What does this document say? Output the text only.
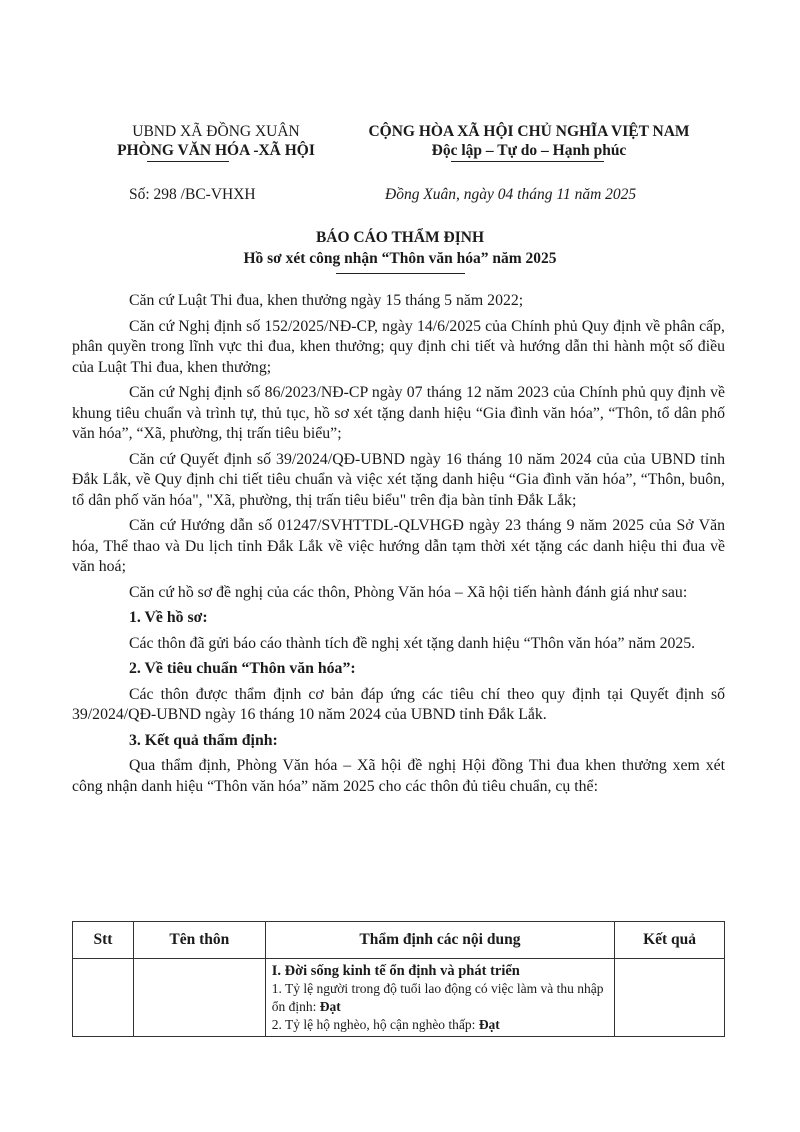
UBND XÃ ĐỒNG XUÂN
PHÒNG VĂN HÓA -XÃ HỘI
CỘNG HÒA XÃ HỘI CHỦ NGHĨA VIỆT NAM
Độc lập – Tự do – Hạnh phúc
Số: 298 /BC-VHXH	Đồng Xuân, ngày 04 tháng 11 năm 2025
BÁO CÁO THẨM ĐỊNH
Hồ sơ xét công nhận “Thôn văn hóa” năm 2025

Căn cứ Luật Thi đua, khen thưởng ngày 15 tháng 5 năm 2022;

Căn cứ Nghị định số 152/2025/NĐ-CP, ngày 14/6/2025 của Chính phủ Quy định về phân cấp, phân quyền trong lĩnh vực thi đua, khen thưởng; quy định chi tiết và hướng dẫn thi hành một số điều của Luật Thi đua, khen thưởng;

Căn cứ Nghị định số 86/2023/NĐ-CP ngày 07 tháng 12 năm 2023 của Chính phủ quy định về khung tiêu chuẩn và trình tự, thủ tục, hồ sơ xét tặng danh hiệu “Gia đình văn hóa”, “Thôn, tổ dân phố văn hóa”, “Xã, phường, thị trấn tiêu biểu”;

Căn cứ Quyết định số 39/2024/QĐ-UBND ngày 16 tháng 10 năm 2024 của của UBND tỉnh Đắk Lắk, về Quy định chi tiết tiêu chuẩn và việc xét tặng danh hiệu “Gia đình văn hóa”, “Thôn, buôn, tổ dân phố văn hóa", "Xã, phường, thị trấn tiêu biểu" trên địa bàn tỉnh Đắk Lắk;

Căn cứ Hướng dẫn số 01247/SVHTTDL-QLVHGĐ ngày 23 tháng 9 năm 2025 của Sở Văn hóa, Thể thao và Du lịch tỉnh Đắk Lắk về việc hướng dẫn tạm thời xét tặng các danh hiệu thi đua về văn hoá;

Căn cứ hồ sơ đề nghị của các thôn, Phòng Văn hóa – Xã hội tiến hành đánh giá như sau:

1. Về hồ sơ:

Các thôn đã gửi báo cáo thành tích đề nghị xét tặng danh hiệu “Thôn văn hóa” năm 2025.

2. Về tiêu chuẩn “Thôn văn hóa”:

Các thôn được thẩm định cơ bản đáp ứng các tiêu chí theo quy định tại Quyết định số 39/2024/QĐ-UBND ngày 16 tháng 10 năm 2024 của UBND tỉnh Đắk Lắk.

3. Kết quả thẩm định:

Qua thẩm định, Phòng Văn hóa – Xã hội đề nghị Hội đồng Thi đua khen thưởng xem xét công nhận danh hiệu “Thôn văn hóa” năm 2025 cho các thôn đủ tiêu chuẩn, cụ thể:

Stt	Tên thôn	Thẩm định các nội dung	Kết quả

		I. Đời sống kinh tế ổn định và phát triển
1. Tỷ lệ người trong độ tuổi lao động có việc làm và thu nhập ổn định: Đạt
2. Tỷ lệ hộ nghèo, hộ cận nghèo thấp: Đạt	
